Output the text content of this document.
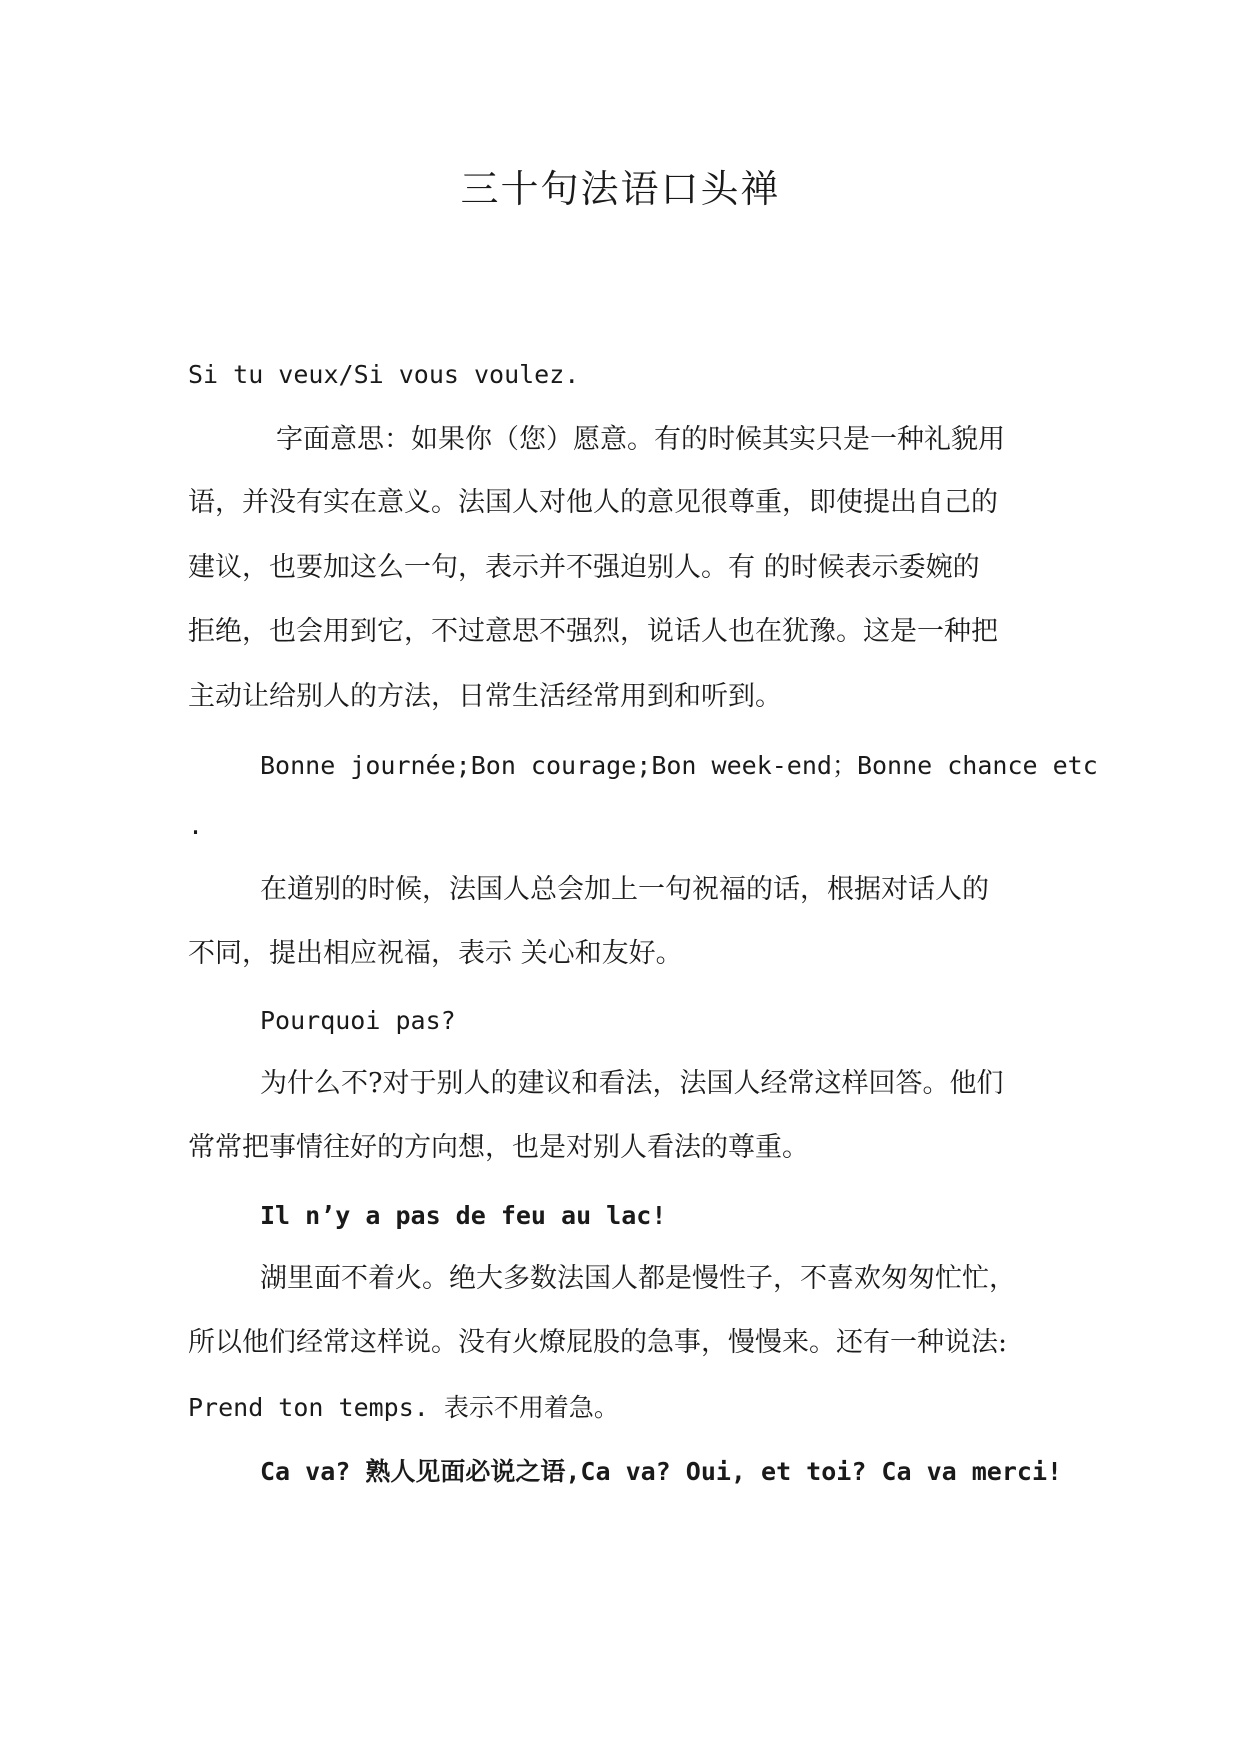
三十句法语口头禅

Si tu veux/Si vous voulez.

字面意思：如果你（您）愿意。有的时候其实只是一种礼貌用

语，并没有实在意义。法国人对他人的意见很尊重，即使提出自己的

建议，也要加这么一句，表示并不强迫别人。有 的时候表示委婉的

拒绝，也会用到它，不过意思不强烈，说话人也在犹豫。这是一种把

主动让给别人的方法，日常生活经常用到和听到。

Bonne journée;Bon courage;Bon week-end；Bonne chance etc

.

在道别的时候，法国人总会加上一句祝福的话，根据对话人的

不同，提出相应祝福，表示 关心和友好。

Pourquoi pas?

为什么不?对于别人的建议和看法，法国人经常这样回答。他们

常常把事情往好的方向想，也是对别人看法的尊重。

Il n’y a pas de feu au lac!

湖里面不着火。绝大多数法国人都是慢性子，不喜欢匆匆忙忙，

所以他们经常这样说。没有火燎屁股的急事，慢慢来。还有一种说法:

Prend ton temps. 表示不用着急。

Ca va? 熟人见面必说之语,Ca va? Oui, et toi? Ca va merci!
